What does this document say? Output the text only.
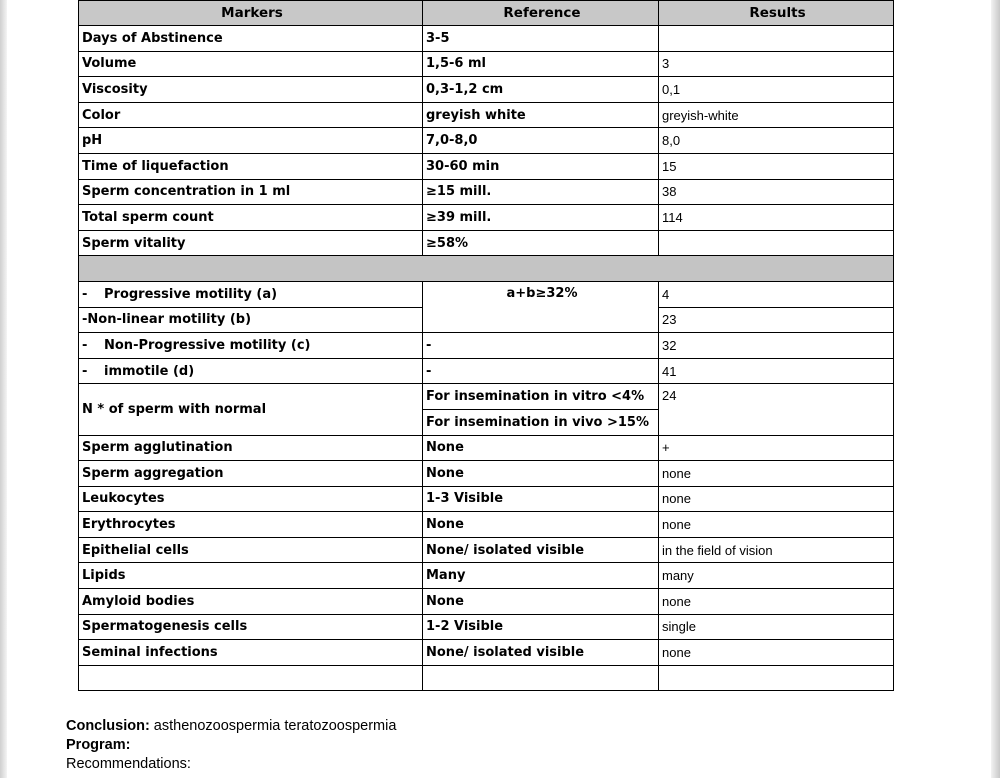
Markers	Reference	Results
Days of Abstinence	3-5	
Volume	1,5-6 ml	3
Viscosity	0,3-1,2 cm	0,1
Color	greyish white	greyish-white
pH	7,0-8,0	8,0
Time of liquefaction	30-60 min	15
Sperm concentration in 1 ml	≥15 mill.	38
Total sperm count	≥39 mill.	114
Sperm vitality	≥58%	

- Progressive motility (a)	a+b≥32%	4
-Non-linear motility (b)		23
- Non-Progressive motility (c)	-	32
- immotile (d)	-	41
N * of sperm with normal	For insemination in vitro <4%	24
	For insemination in vivo >15%	
Sperm agglutination	None	+
Sperm aggregation	None	none
Leukocytes	1-3 Visible	none
Erythrocytes	None	none
Epithelial cells	None/ isolated visible	in the field of vision
Lipids	Many	many
Amyloid bodies	None	none
Spermatogenesis cells	1-2 Visible	single
Seminal infections	None/ isolated visible	none

Conclusion: asthenozoospermia teratozoospermia
Program:
Recommendations:
